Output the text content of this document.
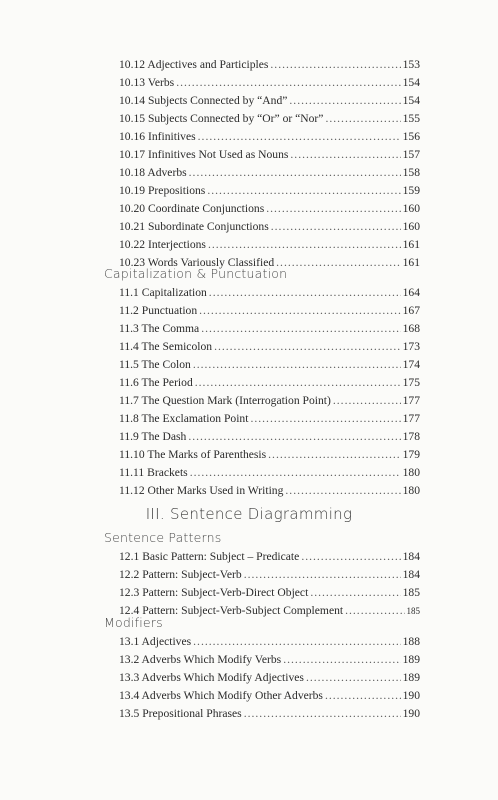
10.12 Adjectives and Participles .....	153
10.13 Verbs .....	154
10.14 Subjects Connected by “And” .....	154
10.15 Subjects Connected by “Or” or “Nor” .....	155
10.16 Infinitives .....	156
10.17 Infinitives Not Used as Nouns .....	157
10.18 Adverbs .....	158
10.19 Prepositions .....	159
10.20 Coordinate Conjunctions .....	160
10.21 Subordinate Conjunctions .....	160
10.22 Interjections .....	161
10.23 Words Variously Classified .....	161
Capitalization & Punctuation
11.1 Capitalization .....	164
11.2 Punctuation .....	167
11.3 The Comma .....	168
11.4 The Semicolon .....	173
11.5 The Colon .....	174
11.6 The Period .....	175
11.7 The Question Mark (Interrogation Point) .....	177
11.8 The Exclamation Point .....	177
11.9 The Dash .....	178
11.10 The Marks of Parenthesis .....	179
11.11 Brackets .....	180
11.12 Other Marks Used in Writing .....	180
III. Sentence Diagramming
Sentence Patterns
12.1 Basic Pattern: Subject – Predicate .....	184
12.2 Pattern: Subject-Verb .....	184
12.3 Pattern: Subject-Verb-Direct Object .....	185
12.4 Pattern: Subject-Verb-Subject Complement .....	185
Modifiers
13.1 Adjectives .....	188
13.2 Adverbs Which Modify Verbs .....	189
13.3 Adverbs Which Modify Adjectives .....	189
13.4 Adverbs Which Modify Other Adverbs .....	190
13.5 Prepositional Phrases .....	190
